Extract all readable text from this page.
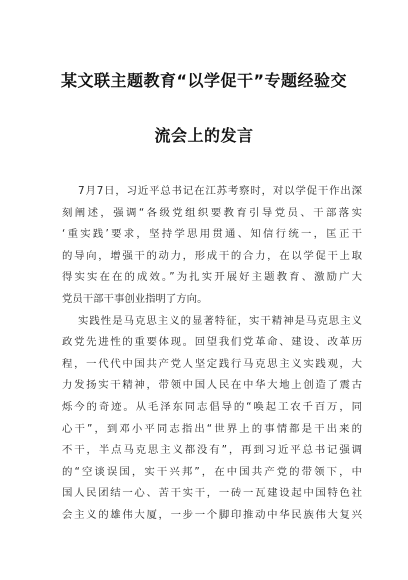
某文联主题教育“以学促干”专题经验交
流会上的发言
7月7日，习近平总书记在江苏考察时，对以学促干作出深
刻阐述，强调“各级党组织要教育引导党员、干部落实
‘重实践’要求，坚持学思用贯通、知信行统一，匡正干
的导向，增强干的动力，形成干的合力，在以学促干上取
得实实在在的成效。”为扎实开展好主题教育、激励广大
党员干部干事创业指明了方向。
实践性是马克思主义的显著特征，实干精神是马克思主义
政党先进性的重要体现。回望我们党革命、建设、改革历
程，一代代中国共产党人坚定践行马克思主义实践观，大
力发扬实干精神，带领中国人民在中华大地上创造了震古
烁今的奇迹。从毛泽东同志倡导的“唤起工农千百万，同
心干”，到邓小平同志指出“世界上的事情都是干出来的
不干，半点马克思主义都没有”，再到习近平总书记强调
的“空谈误国，实干兴邦”，在中国共产党的带领下，中
国人民团结一心、苦干实干，一砖一瓦建设起中国特色社
会主义的雄伟大厦，一步一个脚印推动中华民族伟大复兴
